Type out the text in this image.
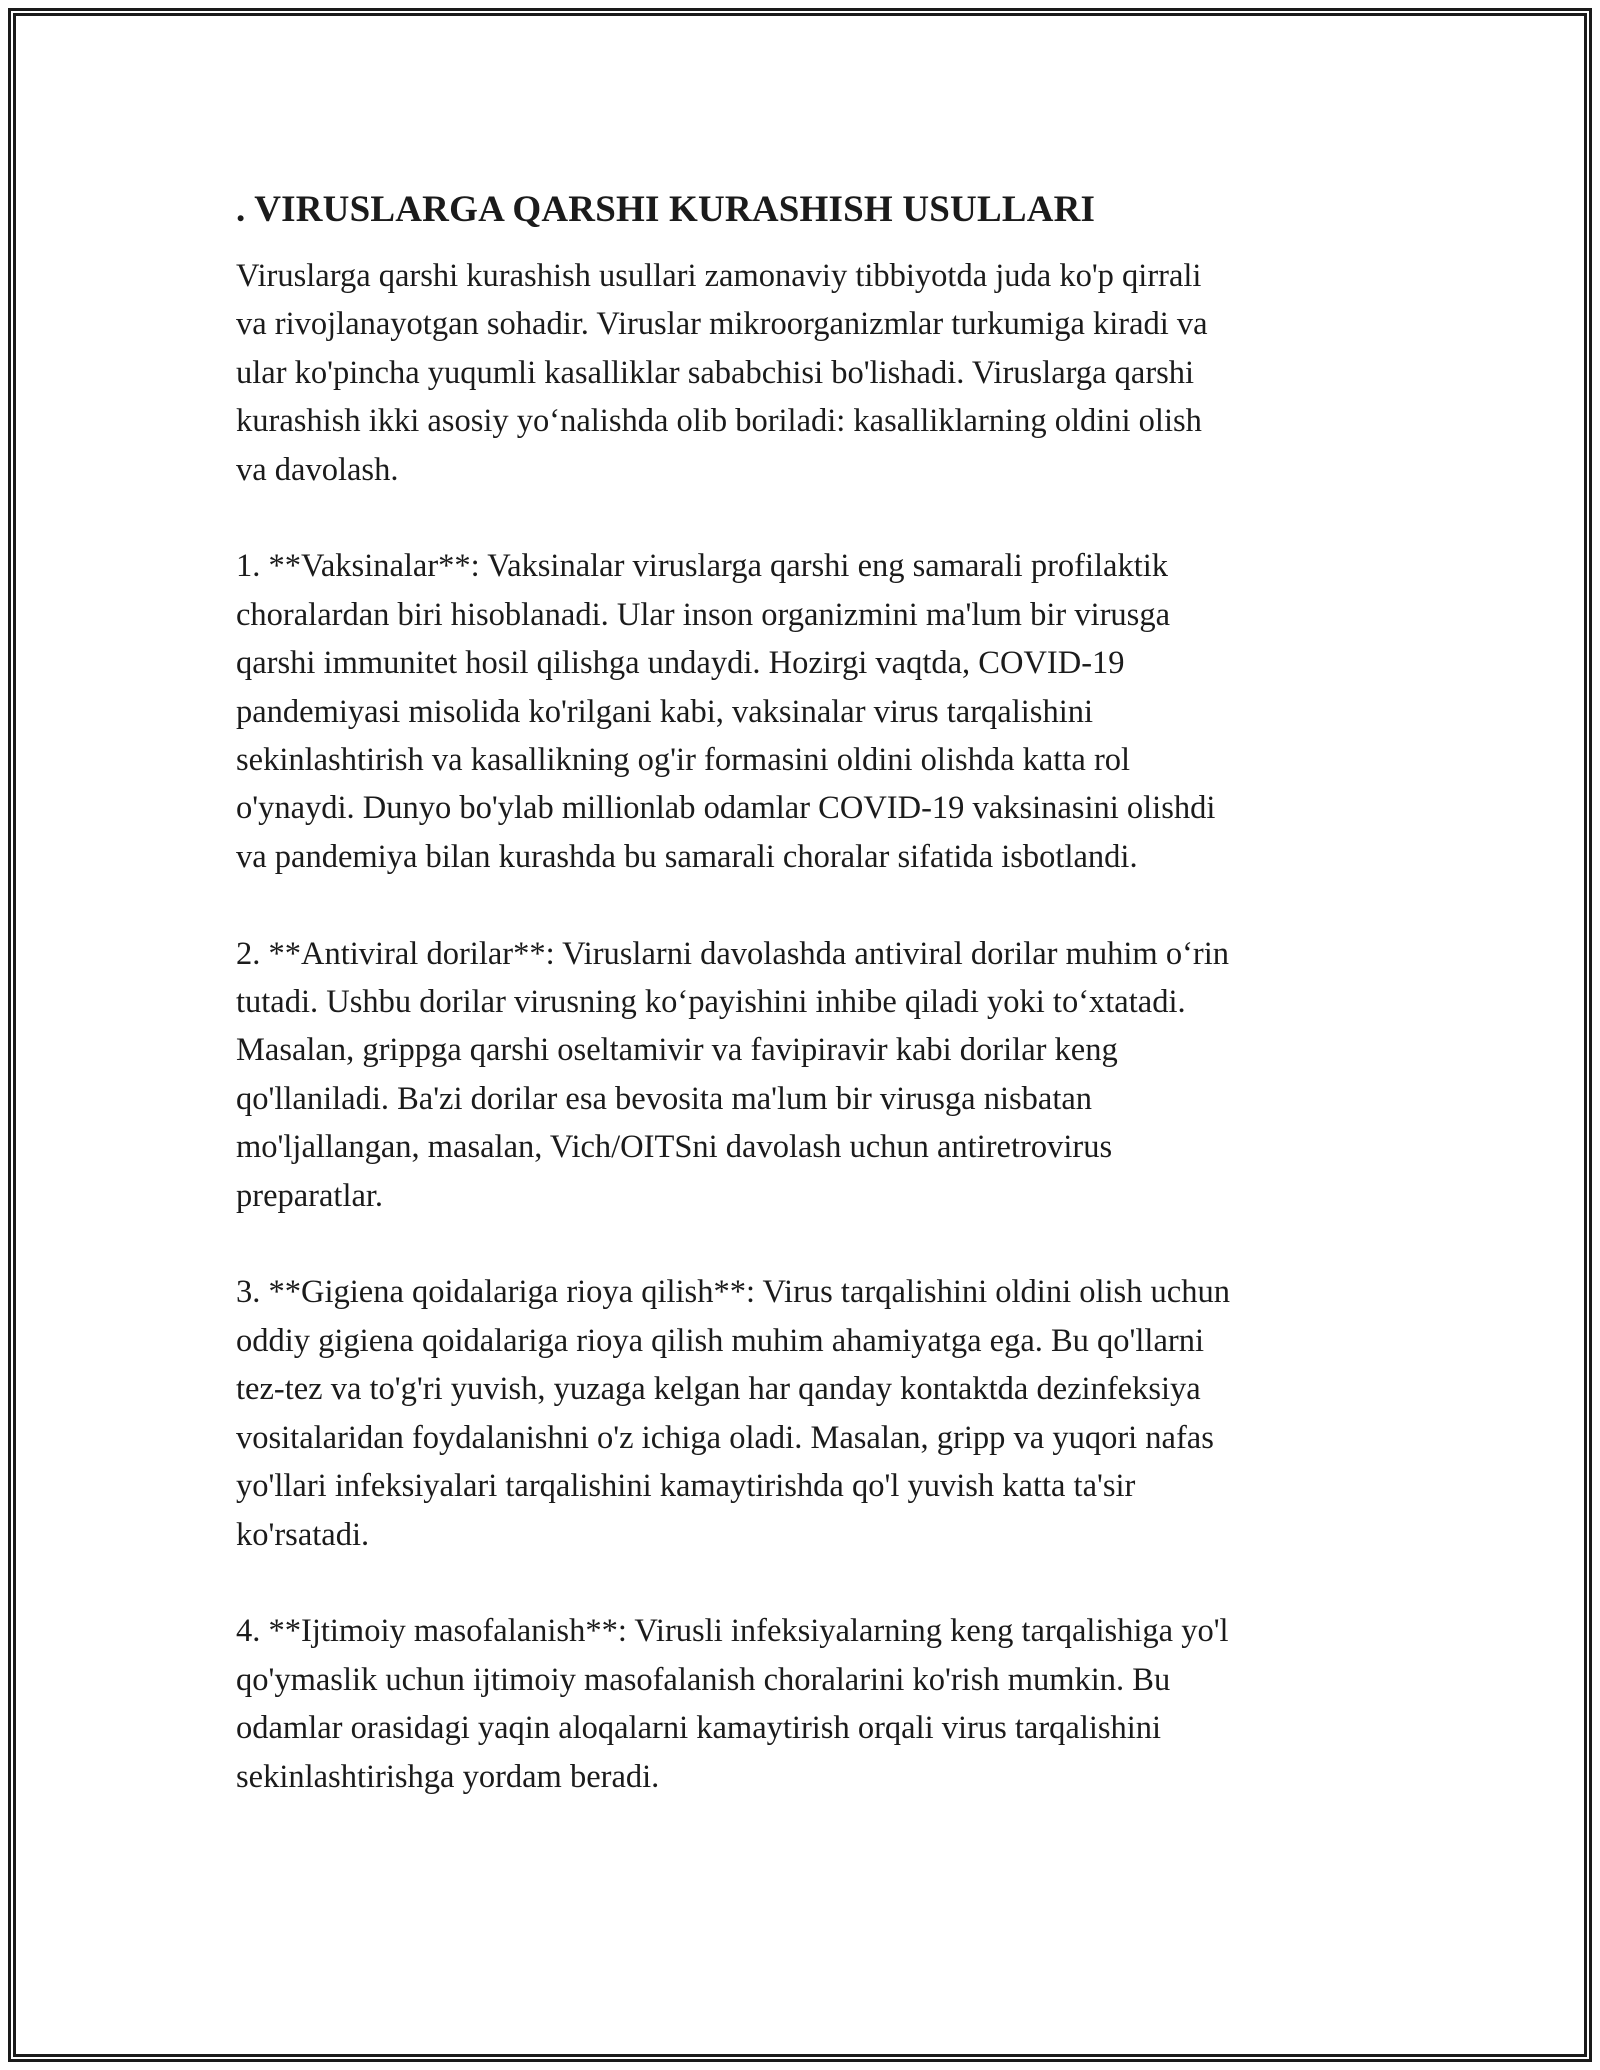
. VIRUSLARGA QARSHI KURASHISH USULLARI

Viruslarga qarshi kurashish usullari zamonaviy tibbiyotda juda ko'p qirrali
va rivojlanayotgan sohadir. Viruslar mikroorganizmlar turkumiga kiradi va
ular ko'pincha yuqumli kasalliklar sababchisi bo'lishadi. Viruslarga qarshi
kurashish ikki asosiy yo‘nalishda olib boriladi: kasalliklarning oldini olish
va davolash.

1. **Vaksinalar**: Vaksinalar viruslarga qarshi eng samarali profilaktik
choralardan biri hisoblanadi. Ular inson organizmini ma'lum bir virusga
qarshi immunitet hosil qilishga undaydi. Hozirgi vaqtda, COVID-19
pandemiyasi misolida ko'rilgani kabi, vaksinalar virus tarqalishini
sekinlashtirish va kasallikning og'ir formasini oldini olishda katta rol
o'ynaydi. Dunyo bo'ylab millionlab odamlar COVID-19 vaksinasini olishdi
va pandemiya bilan kurashda bu samarali choralar sifatida isbotlandi.

2. **Antiviral dorilar**: Viruslarni davolashda antiviral dorilar muhim o‘rin
tutadi. Ushbu dorilar virusning ko‘payishini inhibe qiladi yoki to‘xtatadi.
Masalan, grippga qarshi oseltamivir va favipiravir kabi dorilar keng
qo'llaniladi. Ba'zi dorilar esa bevosita ma'lum bir virusga nisbatan
mo'ljallangan, masalan, Vich/OITSni davolash uchun antiretrovirus
preparatlar.

3. **Gigiena qoidalariga rioya qilish**: Virus tarqalishini oldini olish uchun
oddiy gigiena qoidalariga rioya qilish muhim ahamiyatga ega. Bu qo'llarni
tez-tez va to'g'ri yuvish, yuzaga kelgan har qanday kontaktda dezinfeksiya
vositalaridan foydalanishni o'z ichiga oladi. Masalan, gripp va yuqori nafas
yo'llari infeksiyalari tarqalishini kamaytirishda qo'l yuvish katta ta'sir
ko'rsatadi.

4. **Ijtimoiy masofalanish**: Virusli infeksiyalarning keng tarqalishiga yo'l
qo'ymaslik uchun ijtimoiy masofalanish choralarini ko'rish mumkin. Bu
odamlar orasidagi yaqin aloqalarni kamaytirish orqali virus tarqalishini
sekinlashtirishga yordam beradi.
